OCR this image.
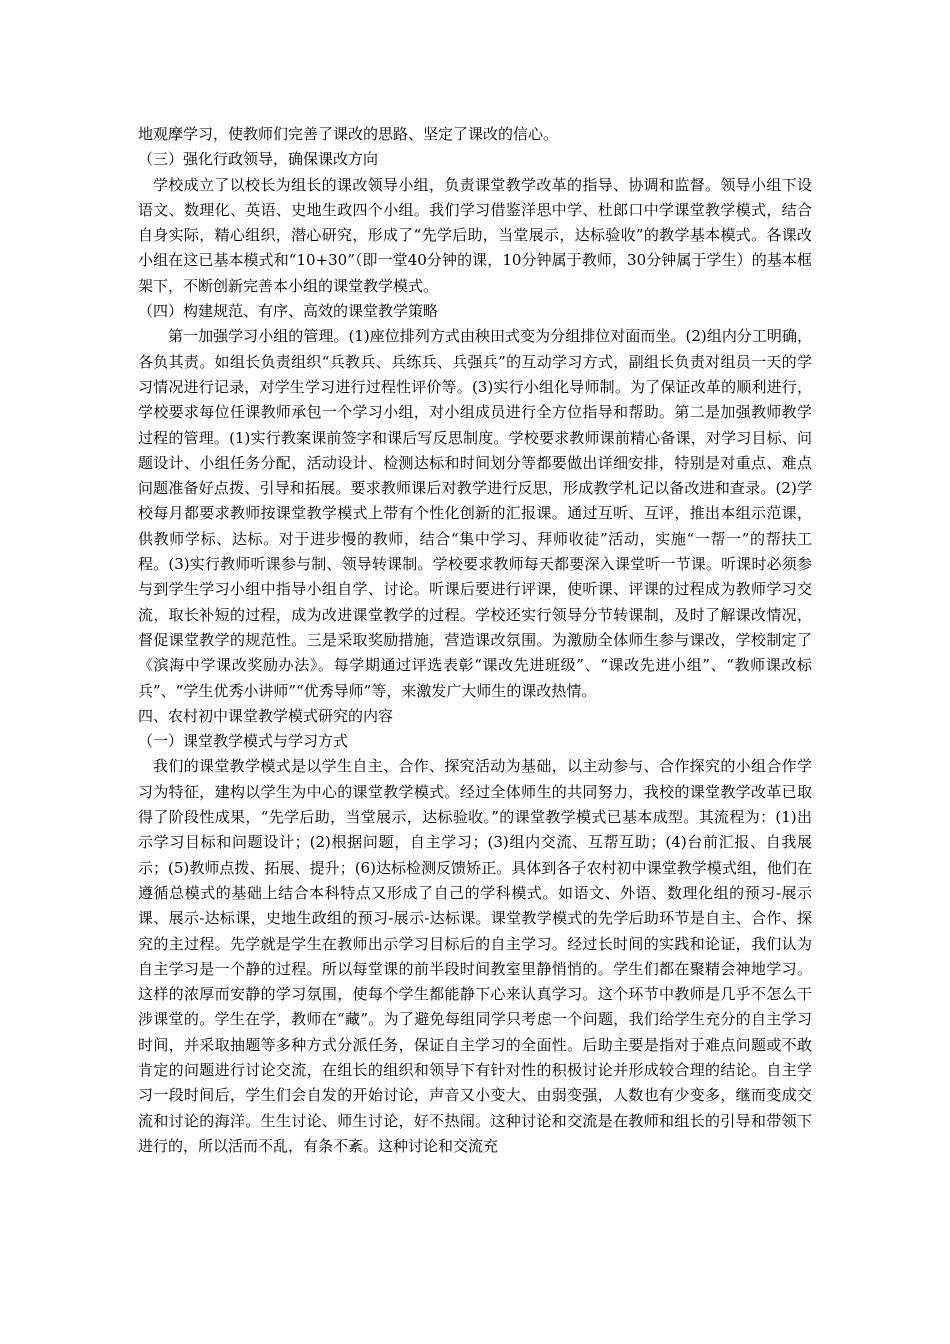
地观摩学习，使教师们完善了课改的思路、坚定了课改的信心。

（三）强化行政领导，确保课改方向

学校成立了以校长为组长的课改领导小组，负责课堂教学改革的指导、协调和监督。领导小组下设语文、数理化、英语、史地生政四个小组。我们学习借鉴洋思中学、杜郎口中学课堂教学模式，结合自身实际，精心组织，潜心研究，形成了“先学后助，当堂展示，达标验收”的教学基本模式。各课改小组在这已基本模式和“10+30”（即一堂40分钟的课，10分钟属于教师，30分钟属于学生）的基本框架下，不断创新完善本小组的课堂教学模式。

（四）构建规范、有序、高效的课堂教学策略

第一加强学习小组的管理。(1)座位排列方式由秧田式变为分组排位对面而坐。(2)组内分工明确，各负其责。如组长负责组织“兵教兵、兵练兵、兵强兵”的互动学习方式，副组长负责对组员一天的学习情况进行记录，对学生学习进行过程性评价等。(3)实行小组化导师制。为了保证改革的顺利进行，学校要求每位任课教师承包一个学习小组，对小组成员进行全方位指导和帮助。第二是加强教师教学过程的管理。(1)实行教案课前签字和课后写反思制度。学校要求教师课前精心备课，对学习目标、问题设计、小组任务分配，活动设计、检测达标和时间划分等都要做出详细安排，特别是对重点、难点问题准备好点拨、引导和拓展。要求教师课后对教学进行反思，形成教学札记以备改进和查录。(2)学校每月都要求教师按课堂教学模式上带有个性化创新的汇报课。通过互听、互评，推出本组示范课，供教师学标、达标。对于进步慢的教师，结合“集中学习、拜师收徒”活动，实施“一帮一”的帮扶工程。(3)实行教师听课参与制、领导转课制。学校要求教师每天都要深入课堂听一节课。听课时必须参与到学生学习小组中指导小组自学、讨论。听课后要进行评课，使听课、评课的过程成为教师学习交流，取长补短的过程，成为改进课堂教学的过程。学校还实行领导分节转课制，及时了解课改情况，督促课堂教学的规范性。三是采取奖励措施，营造课改氛围。为激励全体师生参与课改，学校制定了《滨海中学课改奖励办法》。每学期通过评选表彰“课改先进班级”、“课改先进小组”、“教师课改标兵”、“学生优秀小讲师”“优秀导师”等，来激发广大师生的课改热情。

四、农村初中课堂教学模式研究的内容

（一）课堂教学模式与学习方式

我们的课堂教学模式是以学生自主、合作、探究活动为基础，以主动参与、合作探究的小组合作学习为特征，建构以学生为中心的课堂教学模式。经过全体师生的共同努力，我校的课堂教学改革已取得了阶段性成果，“先学后助，当堂展示，达标验收。”的课堂教学模式已基本成型。其流程为：(1)出示学习目标和问题设计；(2)根据问题，自主学习；(3)组内交流、互帮互助；(4)台前汇报、自我展示；(5)教师点拨、拓展、提升；(6)达标检测反馈矫正。具体到各子农村初中课堂教学模式组，他们在遵循总模式的基础上结合本科特点又形成了自己的学科模式。如语文、外语、数理化组的预习-展示课、展示-达标课，史地生政组的预习-展示-达标课。课堂教学模式的先学后助环节是自主、合作、探究的主过程。先学就是学生在教师出示学习目标后的自主学习。经过长时间的实践和论证，我们认为自主学习是一个静的过程。所以每堂课的前半段时间教室里静悄悄的。学生们都在聚精会神地学习。这样的浓厚而安静的学习氛围，使每个学生都能静下心来认真学习。这个环节中教师是几乎不怎么干涉课堂的。学生在学，教师在“藏”。为了避免每组同学只考虑一个问题，我们给学生充分的自主学习时间，并采取抽题等多种方式分派任务，保证自主学习的全面性。后助主要是指对于难点问题或不敢肯定的问题进行讨论交流，在组长的组织和领导下有针对性的积极讨论并形成较合理的结论。自主学习一段时间后，学生们会自发的开始讨论，声音又小变大、由弱变强，人数也有少变多，继而变成交流和讨论的海洋。生生讨论、师生讨论，好不热闹。这种讨论和交流是在教师和组长的引导和带领下进行的，所以活而不乱，有条不紊。这种讨论和交流充
